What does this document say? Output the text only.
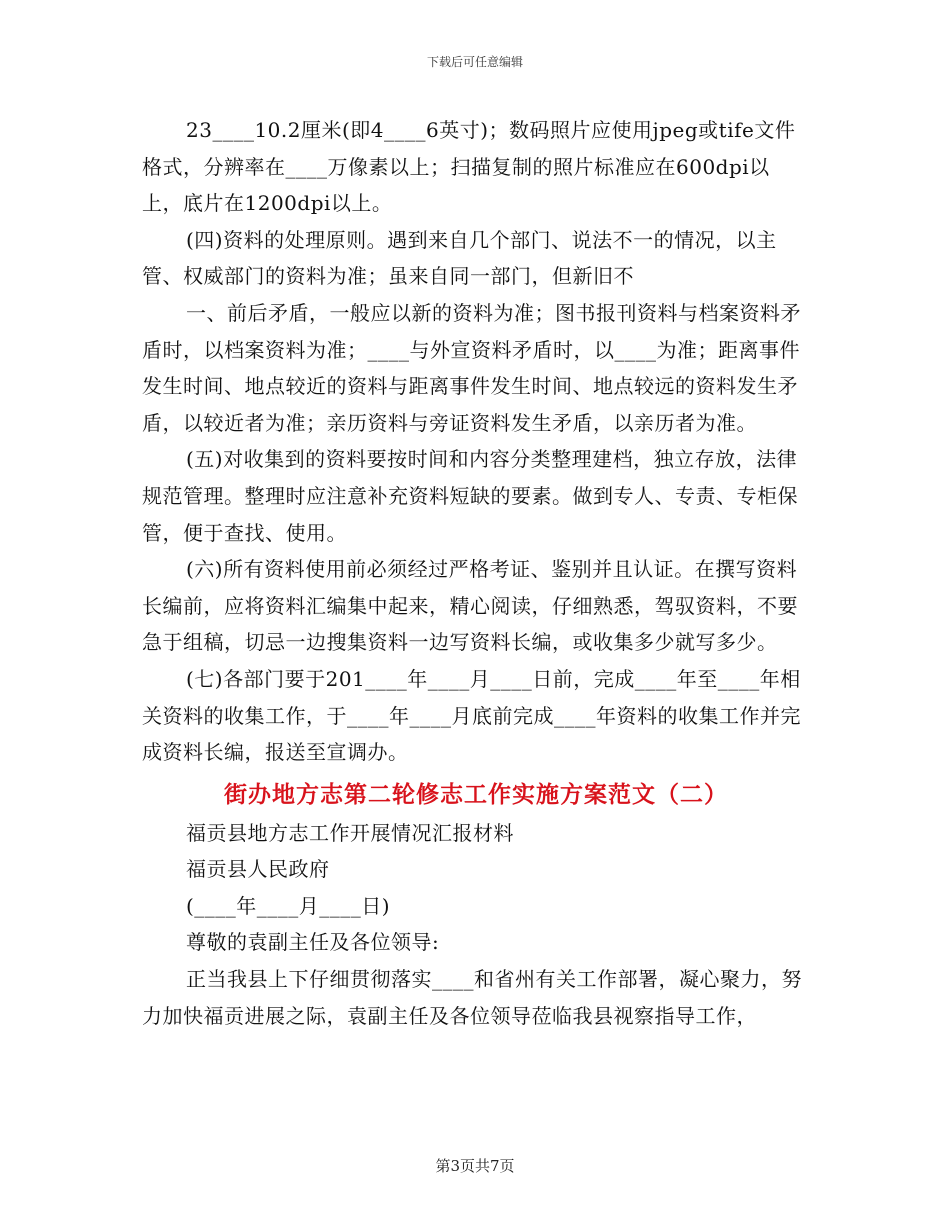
下载后可任意编辑

23____10.2厘米(即4____6英寸)；数码照片应使用jpeg或tife文件格式，分辨率在____万像素以上；扫描复制的照片标准应在600dpi以上，底片在1200dpi以上。

(四)资料的处理原则。遇到来自几个部门、说法不一的情况，以主管、权威部门的资料为准；虽来自同一部门，但新旧不

一、前后矛盾，一般应以新的资料为准；图书报刊资料与档案资料矛盾时，以档案资料为准；____与外宣资料矛盾时，以____为准；距离事件发生时间、地点较近的资料与距离事件发生时间、地点较远的资料发生矛盾，以较近者为准；亲历资料与旁证资料发生矛盾，以亲历者为准。

(五)对收集到的资料要按时间和内容分类整理建档，独立存放，法律规范管理。整理时应注意补充资料短缺的要素。做到专人、专责、专柜保管，便于查找、使用。

(六)所有资料使用前必须经过严格考证、鉴别并且认证。在撰写资料长编前，应将资料汇编集中起来，精心阅读，仔细熟悉，驾驭资料，不要急于组稿，切忌一边搜集资料一边写资料长编，或收集多少就写多少。

(七)各部门要于201____年____月____日前，完成____年至____年相关资料的收集工作，于____年____月底前完成____年资料的收集工作并完成资料长编，报送至宣调办。

街办地方志第二轮修志工作实施方案范文（二）

福贡县地方志工作开展情况汇报材料

福贡县人民政府

(____年____月____日)

尊敬的袁副主任及各位领导:

正当我县上下仔细贯彻落实____和省州有关工作部署，凝心聚力，努力加快福贡进展之际，袁副主任及各位领导莅临我县视察指导工作，

第3页共7页
